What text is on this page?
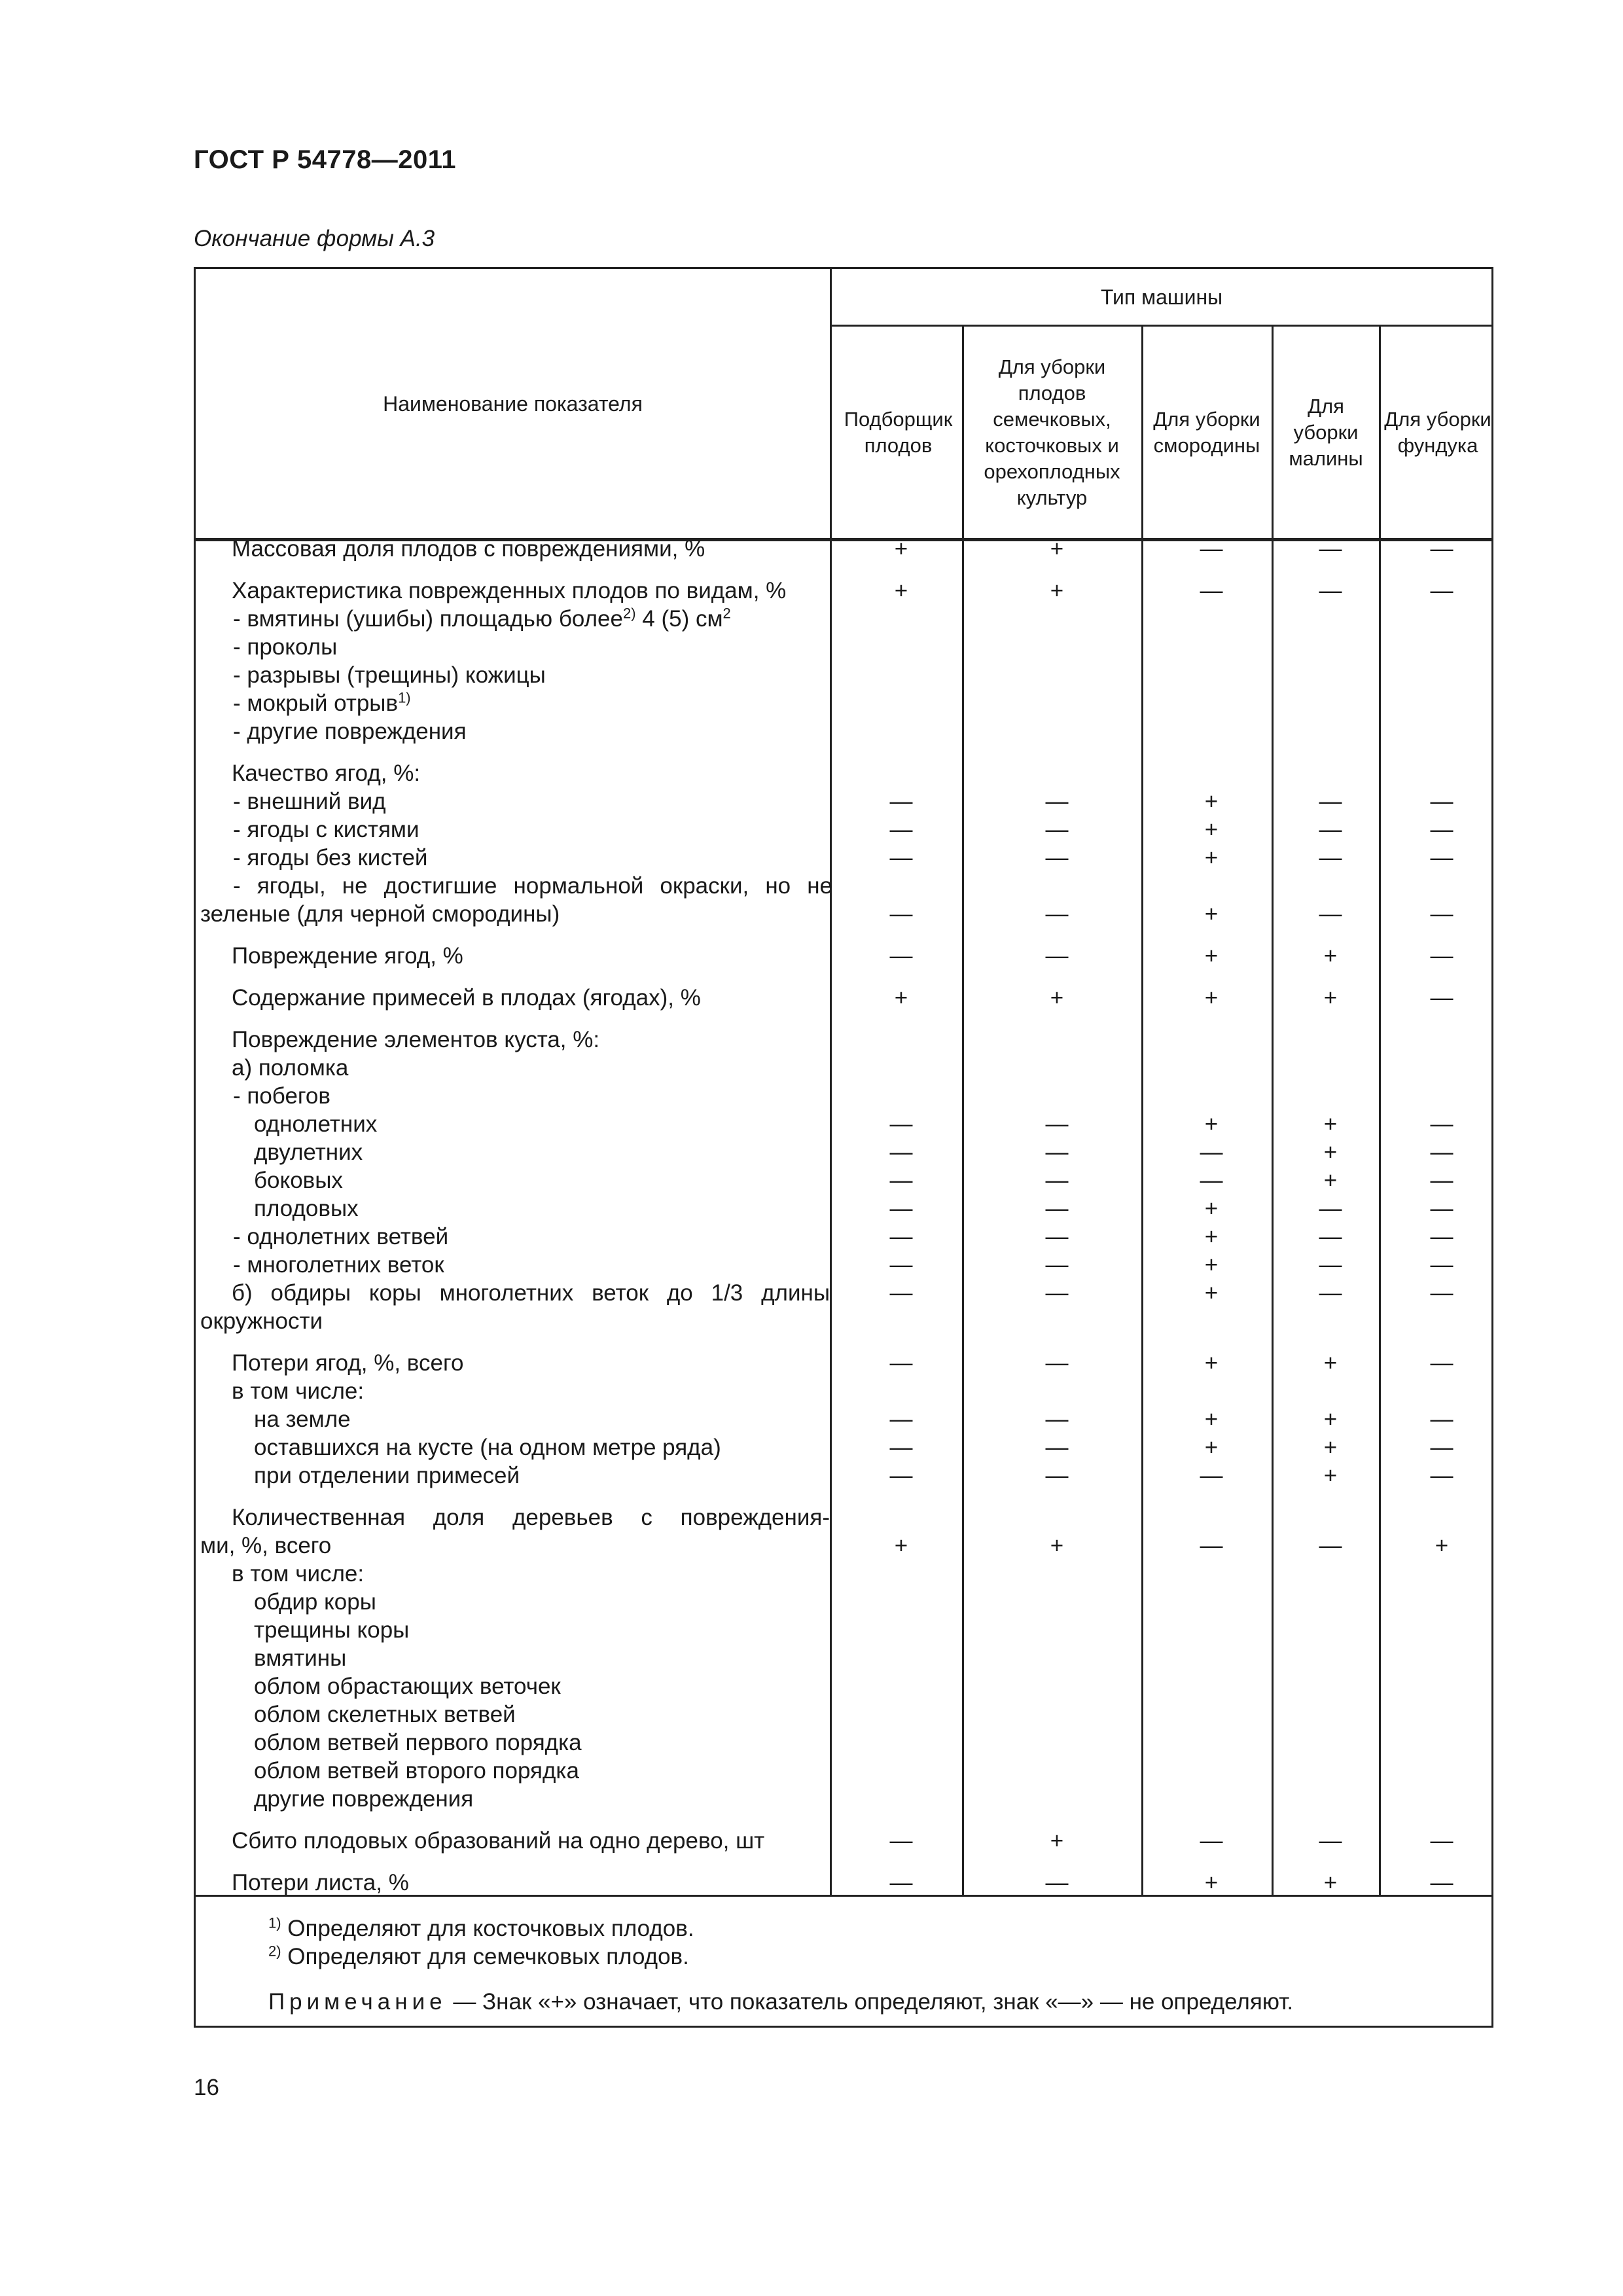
ГОСТ Р 54778—2011
Окончание формы А.3
Наименование показателя
Тип машины
Подборщик плодов
Для уборки плодов семечковых, косточковых и орехоплодных культур
Для уборки смородины
Для уборки малины
Для уборки фундука
Массовая доля плодов с повреждениями, %	+	+	—	—	—
Характеристика поврежденных плодов по видам, %	+	+	—	—	—
- вмятины (ушибы) площадью более$^{2)}$ 4 (5) $см^2$
- проколы
- разрывы (трещины) кожицы
- мокрый отрыв$^{1)}$
- другие повреждения
Качество ягод, %:
- внешний вид	—	—	+	—	—
- ягоды с кистями	—	—	+	—	—
- ягоды без кистей	—	—	+	—	—
- ягоды, не достигшие нормальной окраски, но не
зеленые (для черной смородины)	—	—	+	—	—
Повреждение ягод, %	—	—	+	+	—
Содержание примесей в плодах (ягодах), %	+	+	+	+	—
Повреждение элементов куста, %:
а) поломка
- побегов
однолетних	—	—	+	+	—
двулетних	—	—	—	+	—
боковых	—	—	—	+	—
плодовых	—	—	+	—	—
- однолетних ветвей	—	—	+	—	—
- многолетних веток	—	—	+	—	—
б) обдиры коры многолетних веток до 1/3 длины	—	—	+	—	—
окружности
Потери ягод, %, всего	—	—	+	+	—
в том числе:
на земле	—	—	+	+	—
оставшихся на кусте (на одном метре ряда)	—	—	+	+	—
при отделении примесей	—	—	—	+	—
Количественная доля деревьев с повреждения-
ми, %, всего	+	+	—	—	+
в том числе:
обдир коры
трещины коры
вмятины
облом обрастающих веточек
облом скелетных ветвей
облом ветвей первого порядка
облом ветвей второго порядка
другие повреждения
Сбито плодовых образований на одно дерево, шт	—	+	—	—	—
Потери листа, %	—	—	+	+	—
$^{1)}$ Определяют для косточковых плодов.
$^{2)}$ Определяют для семечковых плодов.
Примечание — Знак «+» означает, что показатель определяют, знак «—» — не определяют.
16
